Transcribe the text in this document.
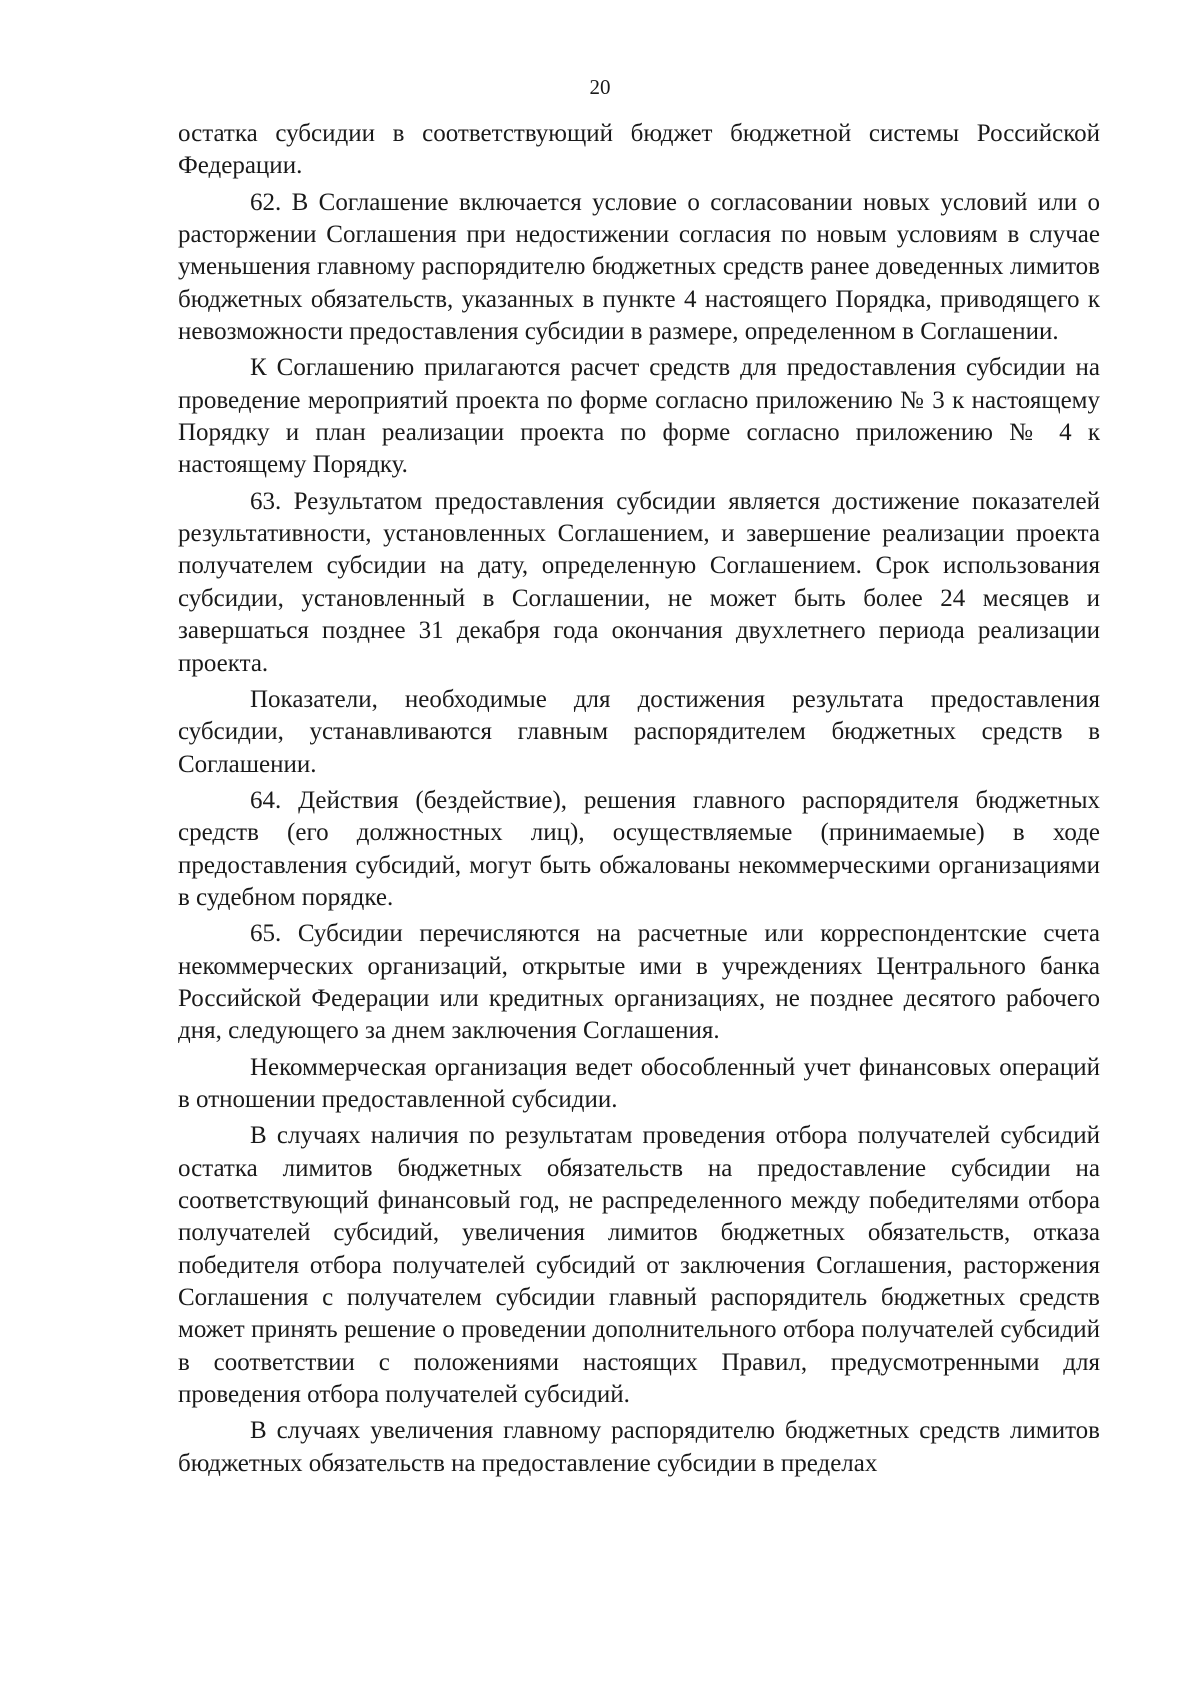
20

остатка субсидии в соответствующий бюджет бюджетной системы Российской Федерации.

62. В Соглашение включается условие о согласовании новых условий или о расторжении Соглашения при недостижении согласия по новым условиям в случае уменьшения главному распорядителю бюджетных средств ранее доведенных лимитов бюджетных обязательств, указанных в пункте 4 настоящего Порядка, приводящего к невозможности предоставления субсидии в размере, определенном в Соглашении.

К Соглашению прилагаются расчет средств для предоставления субсидии на проведение мероприятий проекта по форме согласно приложению № 3 к настоящему Порядку и план реализации проекта по форме согласно приложению № 4 к настоящему Порядку.

63. Результатом предоставления субсидии является достижение показателей результативности, установленных Соглашением, и завершение реализации проекта получателем субсидии на дату, определенную Соглашением. Срок использования субсидии, установленный в Соглашении, не может быть более 24 месяцев и завершаться позднее 31 декабря года окончания двухлетнего периода реализации проекта.

Показатели, необходимые для достижения результата предоставления субсидии, устанавливаются главным распорядителем бюджетных средств в Соглашении.

64. Действия (бездействие), решения главного распорядителя бюджетных средств (его должностных лиц), осуществляемые (принимаемые) в ходе предоставления субсидий, могут быть обжалованы некоммерческими организациями в судебном порядке.

65. Субсидии перечисляются на расчетные или корреспондентские счета некоммерческих организаций, открытые ими в учреждениях Центрального банка Российской Федерации или кредитных организациях, не позднее десятого рабочего дня, следующего за днем заключения Соглашения.

Некоммерческая организация ведет обособленный учет финансовых операций в отношении предоставленной субсидии.

В случаях наличия по результатам проведения отбора получателей субсидий остатка лимитов бюджетных обязательств на предоставление субсидии на соответствующий финансовый год, не распределенного между победителями отбора получателей субсидий, увеличения лимитов бюджетных обязательств, отказа победителя отбора получателей субсидий от заключения Соглашения, расторжения Соглашения с получателем субсидии главный распорядитель бюджетных средств может принять решение о проведении дополнительного отбора получателей субсидий в соответствии с положениями настоящих Правил, предусмотренными для проведения отбора получателей субсидий.

В случаях увеличения главному распорядителю бюджетных средств лимитов бюджетных обязательств на предоставление субсидии в пределах
